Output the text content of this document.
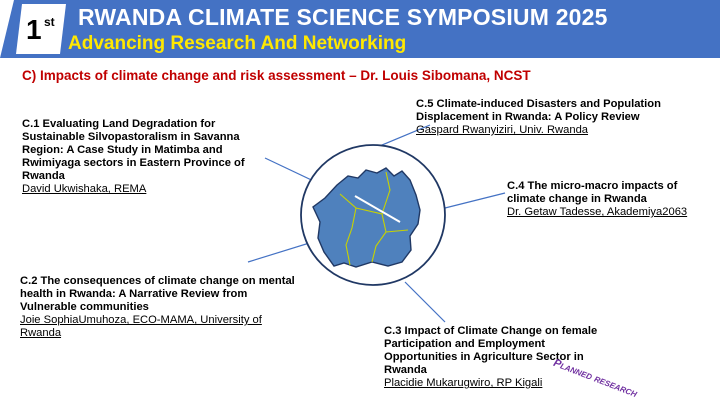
1 st RWANDA CLIMATE SCIENCE SYMPOSIUM 2025
Advancing Research And Networking
C) Impacts of climate change and risk assessment – Dr. Louis Sibomana, NCST
C.1 Evaluating Land Degradation for Sustainable Silvopastoralism in Savanna Region: A Case Study in Matimba and Rwimiyaga sectors in Eastern Province of Rwanda
David Ukwishaka, REMA
C.2 The consequences of climate change on mental health in Rwanda: A Narrative Review from Vulnerable communities
Joie SophiaUmuhoza, ECO-MAMA, University of Rwanda	C.3 Impact of Climate Change on female Participation and Employment Opportunities in Agriculture Sector in Rwanda
Placidie Mukarugwiro, RP Kigali
C.4 The micro-macro impacts of climate change in Rwanda
Dr. Getaw Tadesse, Akademiya2063
C.5 Climate-induced Disasters and Population Displacement in Rwanda: A Policy Review
Gaspard Rwanyiziri, Univ. Rwanda
Planned research
